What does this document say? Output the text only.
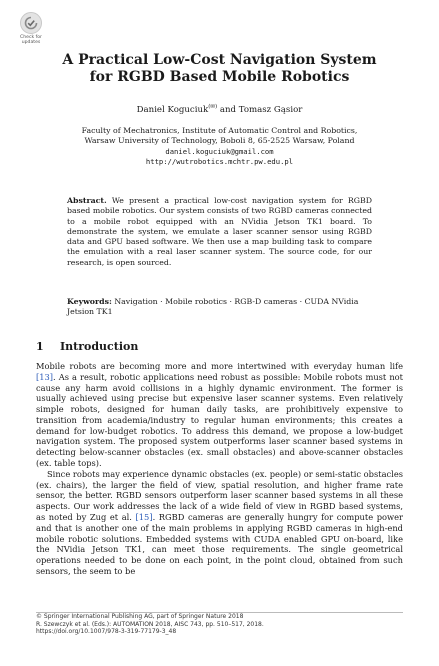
Check for
updates
A Practical Low-Cost Navigation System
for RGBD Based Mobile Robotics
Daniel Koguciuk(✉) and Tomasz Gąsior
Faculty of Mechatronics, Institute of Automatic Control and Robotics,
Warsaw University of Technology, Boboli 8, 65-2525 Warsaw, Poland
daniel.koguciuk@gmail.com
http://wutrobotics.mchtr.pw.edu.pl
Abstract. We present a practical low-cost navigation system for RGBD based mobile robotics. Our system consists of two RGBD cameras connected to a mobile robot equipped with an NVidia Jetson TK1 board. To demonstrate the system, we emulate a laser scanner sensor using RGBD data and GPU based software. We then use a map building task to compare the emulation with a real laser scanner system. The source code, for our research, is open sourced.
Keywords: Navigation · Mobile robotics · RGB-D cameras · CUDA NVidia Jetsion TK1
1 Introduction

Mobile robots are becoming more and more intertwined with everyday human life [13]. As a result, robotic applications need robust as possible: Mobile robots must not cause any harm avoid collisions in a highly dynamic environment. The former is usually achieved using precise but expensive laser scanner systems. Even relatively simple robots, designed for human daily tasks, are prohibitively expensive to transition from academia/industry to regular human environments; this creates a demand for low-budget robotics. To address this demand, we propose a low-budget navigation system. The proposed system outperforms laser scanner based systems in detecting below-scanner obstacles (ex. small obstacles) and above-scanner obstacles (ex. table tops).

Since robots may experience dynamic obstacles (ex. people) or semi-static obstacles (ex. chairs), the larger the field of view, spatial resolution, and higher frame rate sensor, the better. RGBD sensors outperform laser scanner based systems in all these aspects. Our work addresses the lack of a wide field of view in RGBD based systems, as noted by Zug et al. [15]. RGBD cameras are generally hungry for compute power and that is another one of the main problems in applying RGBD cameras in high-end mobile robotic solutions. Embedded systems with CUDA enabled GPU on-board, like the NVidia Jetson TK1, can meet those requirements. The single geometrical operations needed to be done on each point, in the point cloud, obtained from such sensors, the seem to be

© Springer International Publishing AG, part of Springer Nature 2018
R. Szewczyk et al. (Eds.): AUTOMATION 2018, AISC 743, pp. 510–517, 2018.
https://doi.org/10.1007/978-3-319-77179-3_48
